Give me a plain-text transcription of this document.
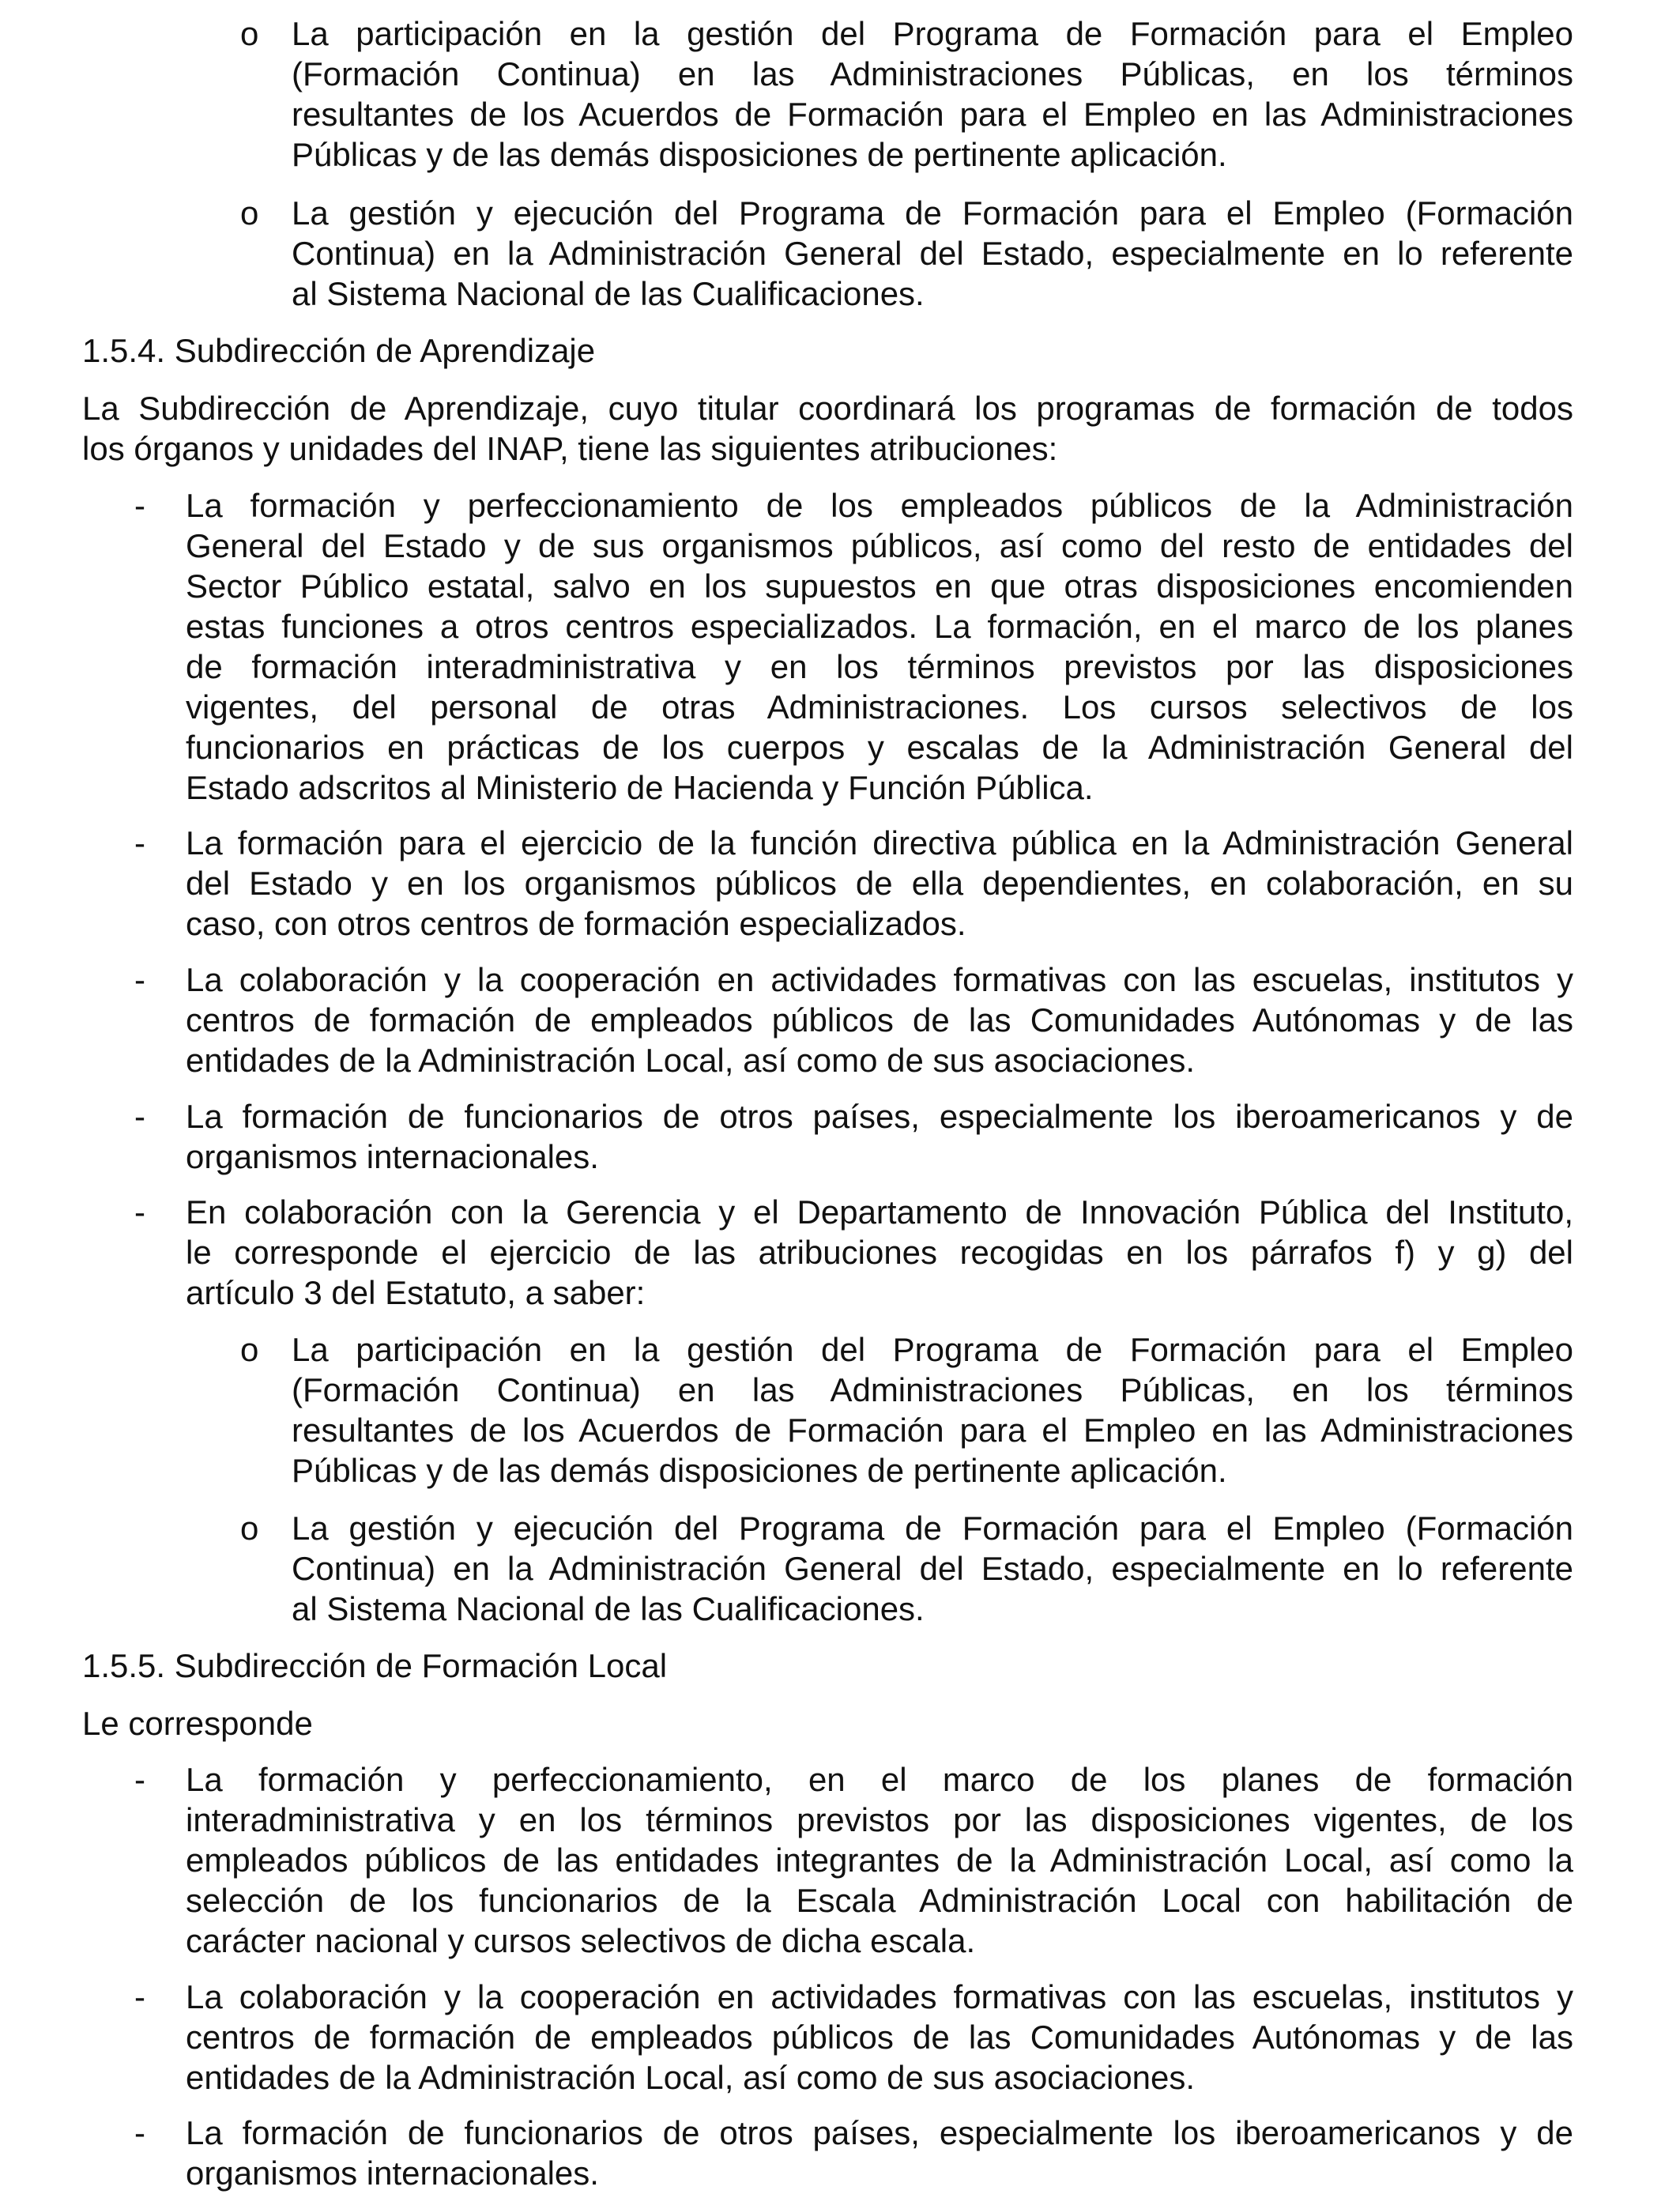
o La participación en la gestión del Programa de Formación para el Empleo
(Formación Continua) en las Administraciones Públicas, en los términos
resultantes de los Acuerdos de Formación para el Empleo en las Administraciones
Públicas y de las demás disposiciones de pertinente aplicación.
o La gestión y ejecución del Programa de Formación para el Empleo (Formación
Continua) en la Administración General del Estado, especialmente en lo referente
al Sistema Nacional de las Cualificaciones.
1.5.4. Subdirección de Aprendizaje
La Subdirección de Aprendizaje, cuyo titular coordinará los programas de formación de todos
los órganos y unidades del INAP, tiene las siguientes atribuciones:
- La formación y perfeccionamiento de los empleados públicos de la Administración
General del Estado y de sus organismos públicos, así como del resto de entidades del
Sector Público estatal, salvo en los supuestos en que otras disposiciones encomienden
estas funciones a otros centros especializados. La formación, en el marco de los planes
de formación interadministrativa y en los términos previstos por las disposiciones
vigentes, del personal de otras Administraciones. Los cursos selectivos de los
funcionarios en prácticas de los cuerpos y escalas de la Administración General del
Estado adscritos al Ministerio de Hacienda y Función Pública.
- La formación para el ejercicio de la función directiva pública en la Administración General
del Estado y en los organismos públicos de ella dependientes, en colaboración, en su
caso, con otros centros de formación especializados.
- La colaboración y la cooperación en actividades formativas con las escuelas, institutos y
centros de formación de empleados públicos de las Comunidades Autónomas y de las
entidades de la Administración Local, así como de sus asociaciones.
- La formación de funcionarios de otros países, especialmente los iberoamericanos y de
organismos internacionales.
- En colaboración con la Gerencia y el Departamento de Innovación Pública del Instituto,
le corresponde el ejercicio de las atribuciones recogidas en los párrafos f) y g) del
artículo 3 del Estatuto, a saber:
o La participación en la gestión del Programa de Formación para el Empleo
(Formación Continua) en las Administraciones Públicas, en los términos
resultantes de los Acuerdos de Formación para el Empleo en las Administraciones
Públicas y de las demás disposiciones de pertinente aplicación.
o La gestión y ejecución del Programa de Formación para el Empleo (Formación
Continua) en la Administración General del Estado, especialmente en lo referente
al Sistema Nacional de las Cualificaciones.
1.5.5. Subdirección de Formación Local
Le corresponde
- La formación y perfeccionamiento, en el marco de los planes de formación
interadministrativa y en los términos previstos por las disposiciones vigentes, de los
empleados públicos de las entidades integrantes de la Administración Local, así como la
selección de los funcionarios de la Escala Administración Local con habilitación de
carácter nacional y cursos selectivos de dicha escala.
- La colaboración y la cooperación en actividades formativas con las escuelas, institutos y
centros de formación de empleados públicos de las Comunidades Autónomas y de las
entidades de la Administración Local, así como de sus asociaciones.
- La formación de funcionarios de otros países, especialmente los iberoamericanos y de
organismos internacionales.
